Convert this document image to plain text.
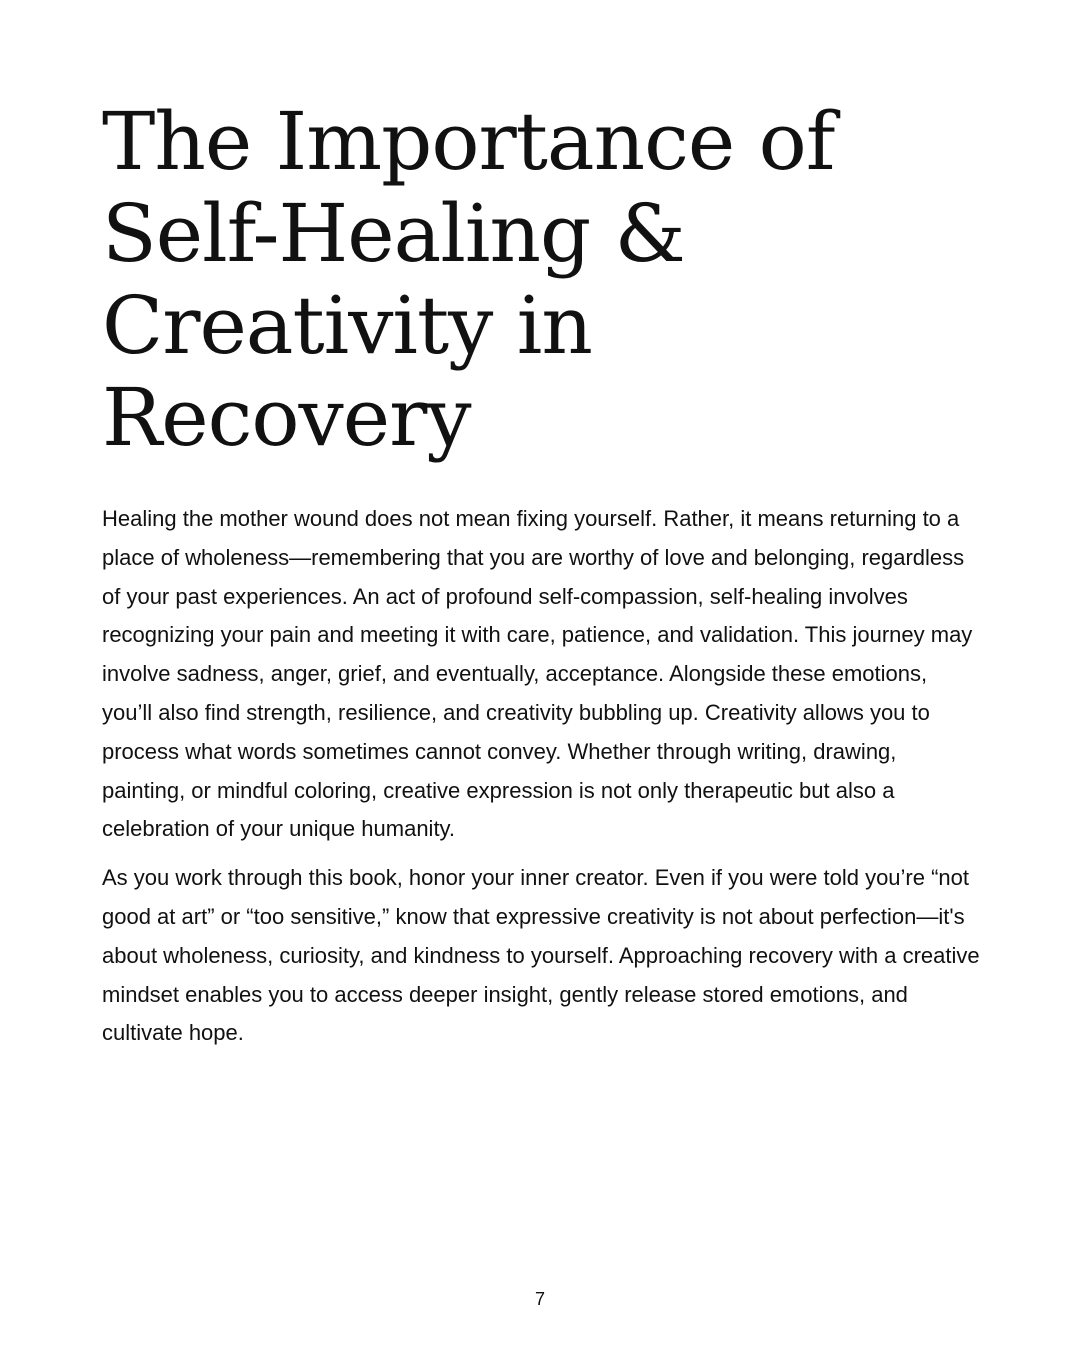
The Importance of Self-Healing & Creativity in Recovery

Healing the mother wound does not mean fixing yourself. Rather, it means returning to a place of wholeness—remembering that you are worthy of love and belonging, regardless of your past experiences. An act of profound self-compassion, self-healing involves recognizing your pain and meeting it with care, patience, and validation. This journey may involve sadness, anger, grief, and eventually, acceptance. Alongside these emotions, you’ll also find strength, resilience, and creativity bubbling up. Creativity allows you to process what words sometimes cannot convey. Whether through writing, drawing, painting, or mindful coloring, creative expression is not only therapeutic but also a celebration of your unique humanity.

As you work through this book, honor your inner creator. Even if you were told you’re “not good at art” or “too sensitive,” know that expressive creativity is not about perfection—it's about wholeness, curiosity, and kindness to yourself. Approaching recovery with a creative mindset enables you to access deeper insight, gently release stored emotions, and cultivate hope.

7
